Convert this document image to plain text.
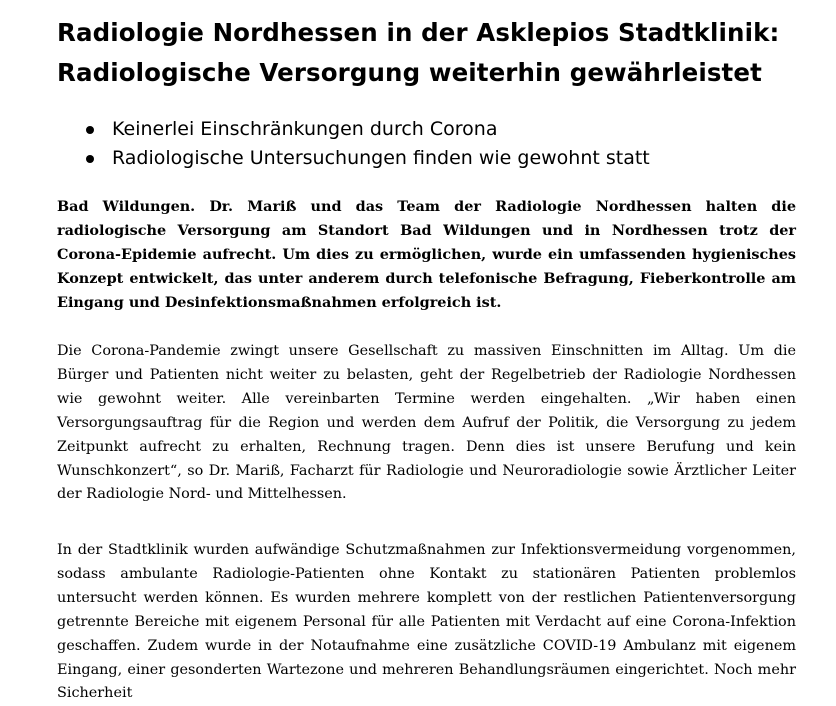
Radiologie Nordhessen in der Asklepios Stadtklinik:
Radiologische Versorgung weiterhin gewährleistet
Keinerlei Einschränkungen durch Corona
Radiologische Untersuchungen finden wie gewohnt statt

Bad Wildungen. Dr. Mariß und das Team der Radiologie Nordhessen halten die radiologische Versorgung am Standort Bad Wildungen und in Nordhessen trotz der Corona-Epidemie aufrecht. Um dies zu ermöglichen, wurde ein umfassenden hygienisches Konzept entwickelt, das unter anderem durch telefonische Befragung, Fieberkontrolle am Eingang und Desinfektionsmaßnahmen erfolgreich ist.

Die Corona-Pandemie zwingt unsere Gesellschaft zu massiven Einschnitten im Alltag. Um die Bürger und Patienten nicht weiter zu belasten, geht der Regelbetrieb der Radiologie Nordhessen wie gewohnt weiter. Alle vereinbarten Termine werden eingehalten. „Wir haben einen Versorgungsauftrag für die Region und werden dem Aufruf der Politik, die Versorgung zu jedem Zeitpunkt aufrecht zu erhalten, Rechnung tragen. Denn dies ist unsere Berufung und kein Wunschkonzert“, so Dr. Mariß, Facharzt für Radiologie und Neuroradiologie sowie Ärztlicher Leiter der Radiologie Nord- und Mittelhessen.

In der Stadtklinik wurden aufwändige Schutzmaßnahmen zur Infektionsvermeidung vorgenommen, sodass ambulante Radiologie-Patienten ohne Kontakt zu stationären Patienten problemlos untersucht werden können. Es wurden mehrere komplett von der restlichen Patientenversorgung getrennte Bereiche mit eigenem Personal für alle Patienten mit Verdacht auf eine Corona-Infektion geschaffen. Zudem wurde in der Notaufnahme eine zusätzliche COVID-19 Ambulanz mit eigenem Eingang, einer gesonderten Wartezone und mehreren Behandlungsräumen eingerichtet. Noch mehr Sicherheit
